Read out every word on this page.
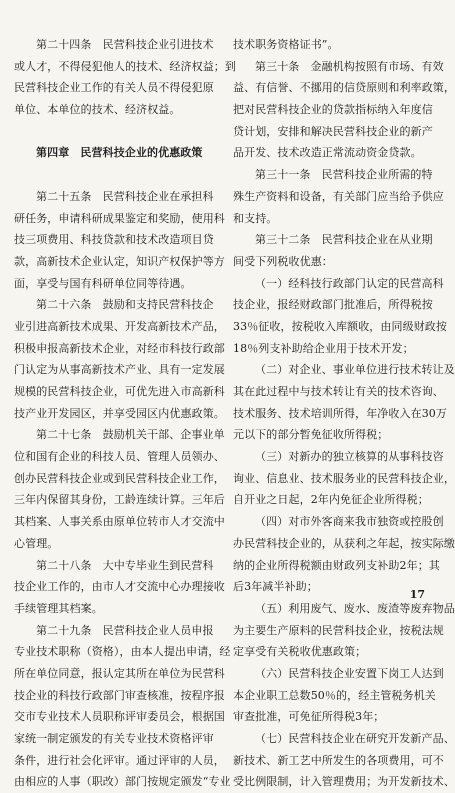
第二十四条　民营科技企业引进技术
或人才，不得侵犯他人的技术、经济权益；到
民营科技企业工作的有关人员不得侵犯原
单位、本单位的技术、经济权益。
第四章　民营科技企业的优惠政策
第二十五条　民营科技企业在承担科
研任务，申请科研成果鉴定和奖励，使用科
技三项费用、科技贷款和技术改造项目贷
款，高新技术企业认定，知识产权保护等方
面，享受与国有科研单位同等待遇。
第二十六条　鼓励和支持民营科技企
业引进高新技术成果、开发高新技术产品，
积极申报高新技术企业，对经市科技行政部
门认定为从事高新技术产业、具有一定发展
规模的民营科技企业，可优先进入市高新科
技产业开发园区，并享受园区内优惠政策。
第二十七条　鼓励机关干部、企事业单
位和国有企业的科技人员、管理人员领办、
创办民营科技企业或到民营科技企业工作，
三年内保留其身份，工龄连续计算。三年后
其档案、人事关系由原单位转市人才交流中
心管理。
第二十八条　大中专毕业生到民营科
技企业工作的，由市人才交流中心办理接收
手续管理其档案。
第二十九条　民营科技企业人员申报
专业技术职称（资格），由本人提出申请，经
所在单位同意，报认定其所在单位为民营科
技企业的科技行政部门审查核准，按程序报
交市专业技术人员职称评审委员会，根据国
家统一制定颁发的有关专业技术资格评审
条件，进行社会化评审。通过评审的人员，
由相应的人事（职改）部门按规定颁发“专业
技术职务资格证书”。
第三十条　金融机构按照有市场、有效
益、有信誉、不挪用的信贷原则和利率政策，
把对民营科技企业的贷款指标纳入年度信
贷计划，安排和解决民营科技企业的新产
品开发、技术改造正常流动资金贷款。
第三十一条　民营科技企业所需的特
殊生产资料和设备，有关部门应当给予供应
和支持。
第三十二条　民营科技企业在从业期
间受下列税收优惠：
（一）经科技行政部门认定的民营高科
技企业，报经财政部门批准后，所得税按
33％征收，按税收入库额收，由同级财政按
18％列支补助给企业用于技术开发；
（二）对企业、事业单位进行技术转让及
其在此过程中与技术转让有关的技术咨询、
技术服务、技术培训所得，年净收入在30万
元以下的部分暂免征收所得税；
（三）对新办的独立核算的从事科技咨
询业、信息业、技术服务业的民营科技企业，
自开业之日起，2年内免征企业所得税；
（四）对市外客商来我市独资或控股创
办民营科技企业的，从获利之年起，按实际缴
纳的企业所得税额由财政列支补助2年；其
后3年减半补助；
（五）利用废气、废水、废渣等废弃物品
为主要生产原料的民营科技企业，按税法规
定享受有关税收优惠政策；
（六）民营科技企业安置下岗工人达到
本企业职工总数50％的，经主管税务机关
审查批准，可免征所得税3年；
（七）民营科技企业在研究开发新产品、
新技术、新工艺中所发生的各项费用，可不
受比例限制，计入管理费用；为开发新技术、
17
